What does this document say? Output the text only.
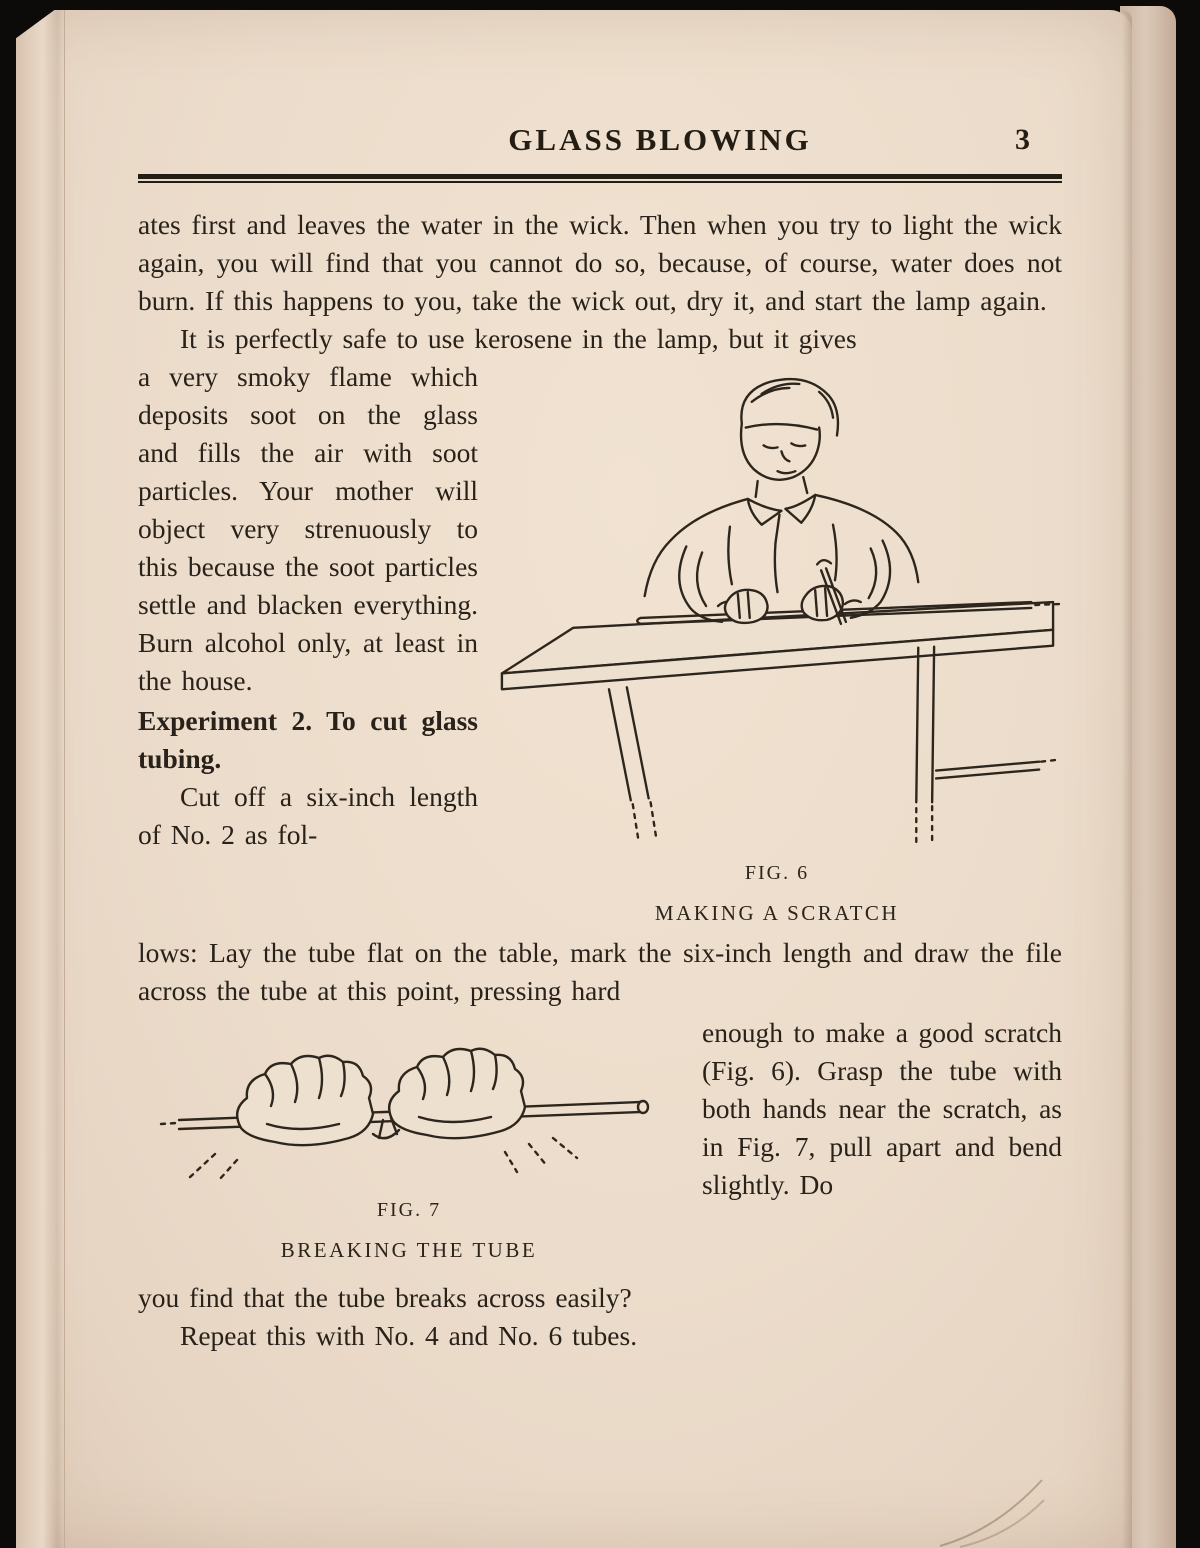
GLASS BLOWING	3

ates first and leaves the water in the wick. Then when you try to light the wick again, you will find that you cannot do so, because, of course, water does not burn. If this happens to you, take the wick out, dry it, and start the lamp again.

It is perfectly safe to use kerosene in the lamp, but it gives

a very smoky flame which deposits soot on the glass and fills the air with soot particles. Your mother will object very strenuously to this because the soot particles settle and blacken everything. Burn alcohol only, at least in the house.

Experiment 2. To cut glass tubing.

Cut off a six-inch length of No. 2 as fol-

FIG. 6
MAKING A SCRATCH

lows: Lay the tube flat on the table, mark the six-inch length and draw the file across the tube at this point, pressing hard

FIG. 7
BREAKING THE TUBE

enough to make a good scratch (Fig. 6). Grasp the tube with both hands near the scratch, as in Fig. 7, pull apart and bend slightly. Do

you find that the tube breaks across easily?

Repeat this with No. 4 and No. 6 tubes.
